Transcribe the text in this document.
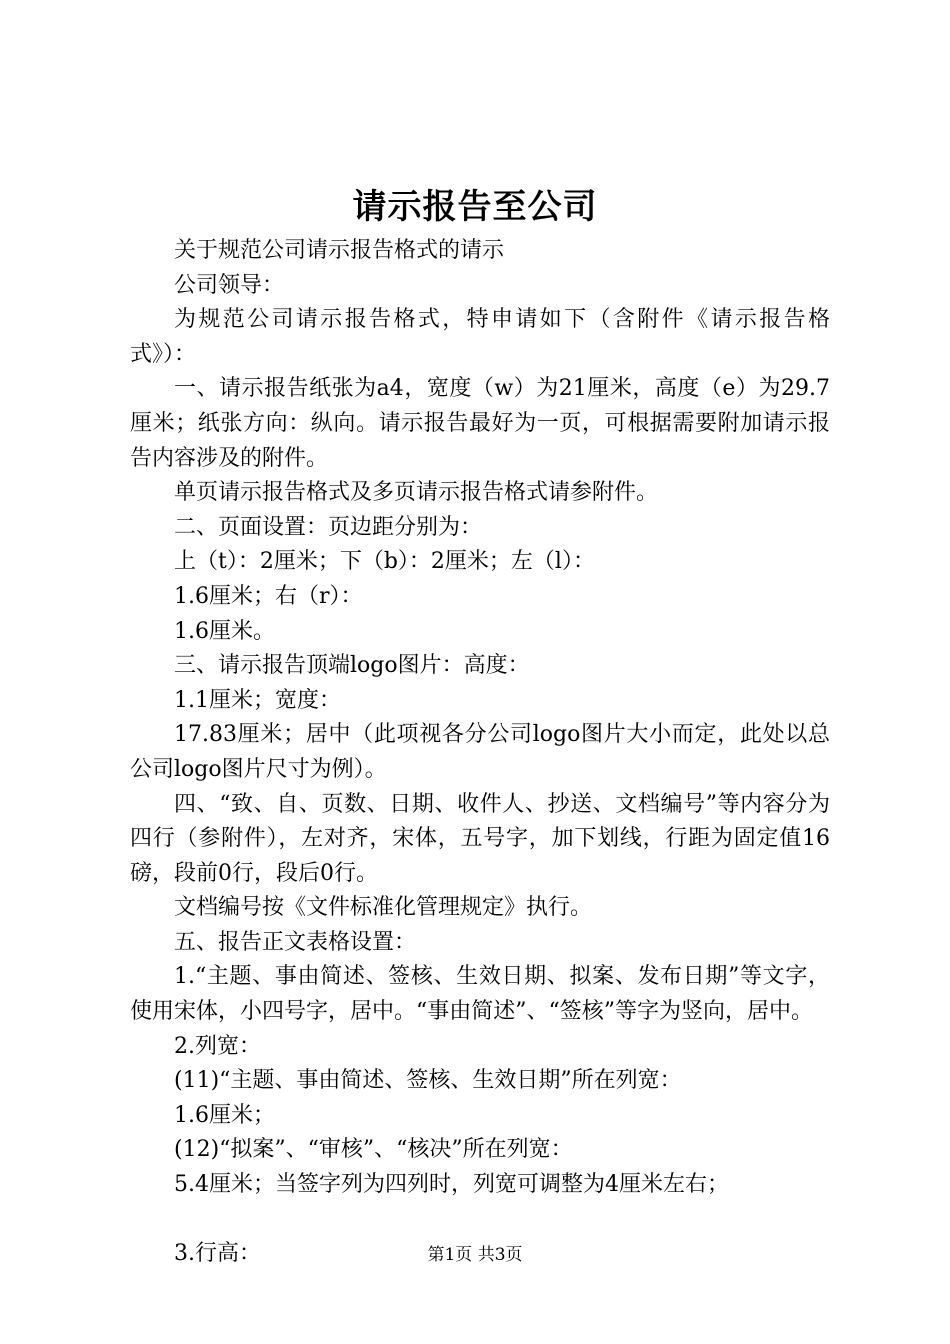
请示报告至公司

关于规范公司请示报告格式的请示

公司领导：

为规范公司请示报告格式，特申请如下（含附件《请示报告格式》）：

一、请示报告纸张为a4，宽度（w）为21厘米，高度（e）为29.7厘米；纸张方向：纵向。请示报告最好为一页，可根据需要附加请示报告内容涉及的附件。

单页请示报告格式及多页请示报告格式请参附件。

二、页面设置：页边距分别为：

上（t）：2厘米；下（b）：2厘米；左（l）：

1.6厘米；右（r）：

1.6厘米。

三、请示报告顶端logo图片：高度：

1.1厘米；宽度：

17.83厘米；居中（此项视各分公司logo图片大小而定，此处以总公司logo图片尺寸为例）。

四、“致、自、页数、日期、收件人、抄送、文档编号”等内容分为四行（参附件），左对齐，宋体，五号字，加下划线，行距为固定值16磅，段前0行，段后0行。

文档编号按《文件标准化管理规定》执行。

五、报告正文表格设置：

1.“主题、事由简述、签核、生效日期、拟案、发布日期”等文字，使用宋体，小四号字，居中。“事由简述”、“签核”等字为竖向，居中。

2.列宽：

(11)“主题、事由简述、签核、生效日期”所在列宽：

1.6厘米；

(12)“拟案”、“审核”、“核决”所在列宽：

5.4厘米；当签字列为四列时，列宽可调整为4厘米左右；

3.行高：	第1页 共3页
